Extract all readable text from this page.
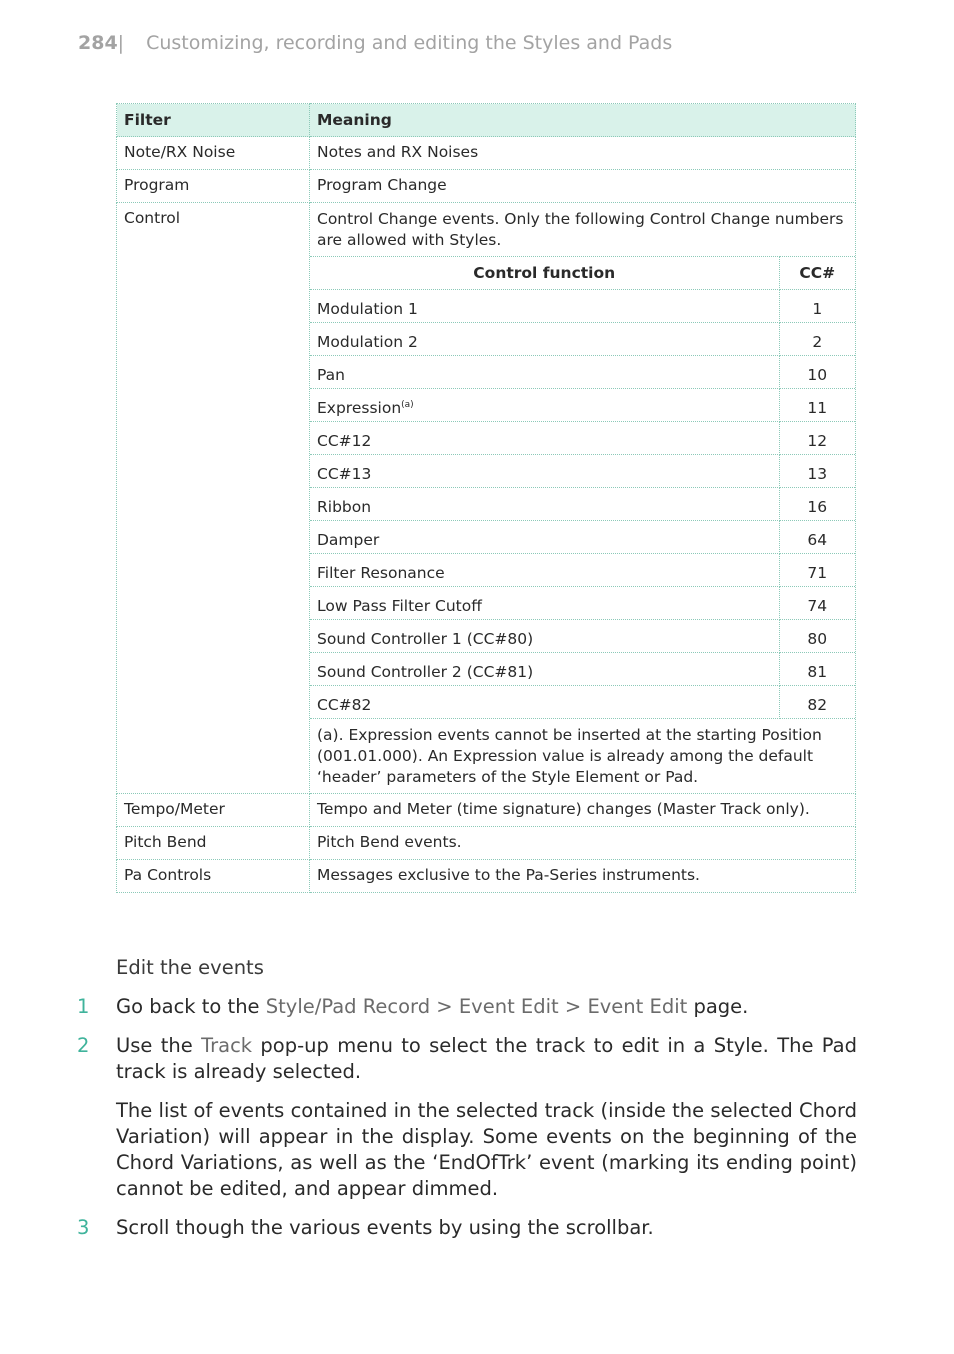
284| Customizing, recording and editing the Styles and Pads
Filter	Meaning
Note/RX Noise	Notes and RX Noises
Program	Program Change
Control	Control Change events. Only the following Control Change numbers are allowed with Styles.
Control function	CC#
Modulation 1	1
Modulation 2	2
Pan	10
Expression$^{(a)}$	11
CC#12	12
CC#13	13
Ribbon	16
Damper	64
Filter Resonance	71
Low Pass Filter Cutoff	74
Sound Controller 1 (CC#80)	80
Sound Controller 2 (CC#81)	81
CC#82	82
(a). Expression events cannot be inserted at the starting Position (001.01.000). An Expression value is already among the default ‘header’ parameters of the Style Element or Pad.

Tempo/Meter	Tempo and Meter (time signature) changes (Master Track only).
Pitch Bend	Pitch Bend events.
Pa Controls	Messages exclusive to the Pa-Series instruments.
Edit the events
1 Go back to the Style/Pad Record > Event Edit > Event Edit page.
2 Use the Track pop-up menu to select the track to edit in a Style. The Pad track is already selected.
The list of events contained in the selected track (inside the selected Chord Variation) will appear in the display. Some events on the beginning of the Chord Variations, as well as the ‘EndOfTrk’ event (marking its ending point) cannot be edited, and appear dimmed.
3 Scroll though the various events by using the scrollbar.
